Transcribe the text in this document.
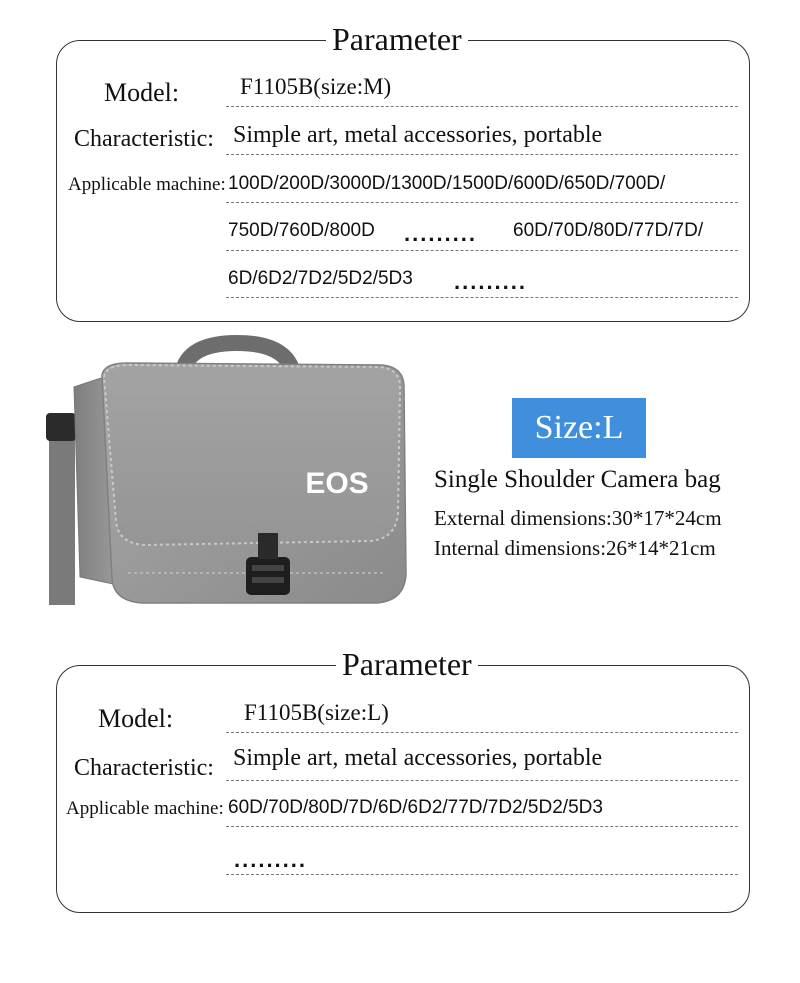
Parameter
Model:	F1105B(size:M)
Characteristic: Simple art, metal accessories, portable
Applicable machine: 100D/200D/3000D/1300D/1500D/600D/650D/700D/
750D/760D/800D ......... 60D/70D/80D/77D/7D/
6D/6D2/7D2/5D2/5D3 .........
EOS
Size:L
Single Shoulder Camera bag
External dimensions:30*17*24cm
Internal dimensions:26*14*21cm
Parameter
Model:	F1105B(size:L)
Characteristic: Simple art, metal accessories, portable
Applicable machine: 60D/70D/80D/7D/6D/6D2/77D/7D2/5D2/5D3
.........
